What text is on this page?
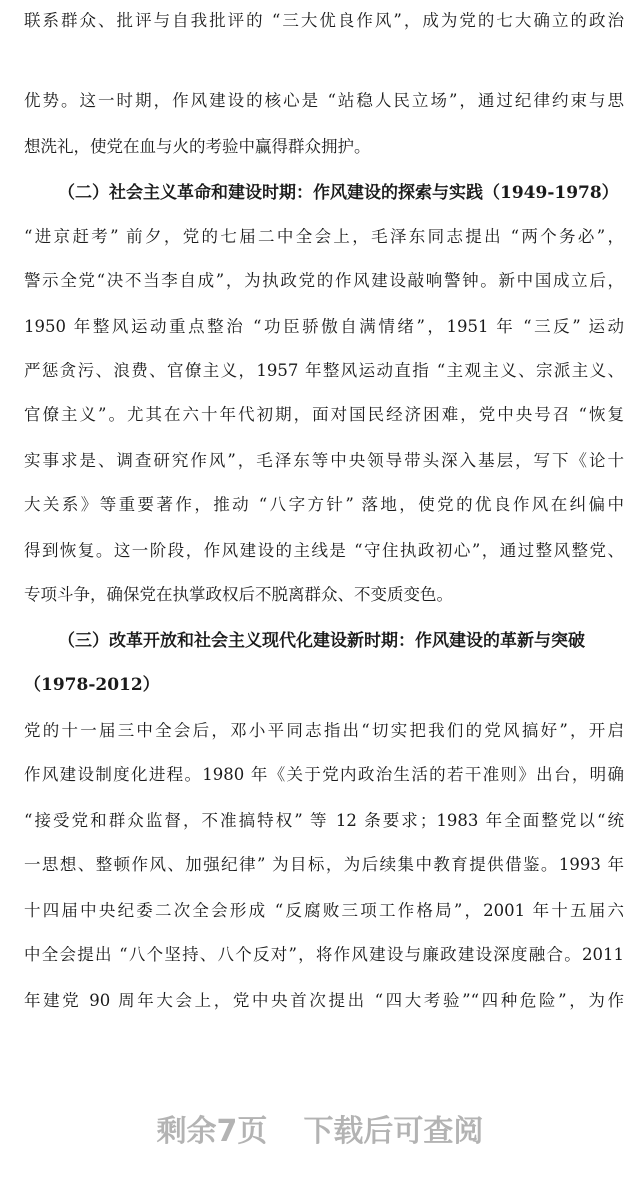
联系群众、批评与自我批评的 “三大优良作风”，成为党的七大确立的政治
优势。这一时期，作风建设的核心是 “站稳人民立场”，通过纪律约束与思
想洗礼，使党在血与火的考验中赢得群众拥护。
（二）社会主义革命和建设时期：作风建设的探索与实践（1949-1978）
“进京赶考” 前夕，党的七届二中全会上，毛泽东同志提出 “两个务必”，
警示全党“决不当李自成”，为执政党的作风建设敲响警钟。新中国成立后，
1950 年整风运动重点整治 “功臣骄傲自满情绪”，1951 年 “三反” 运动
严惩贪污、浪费、官僚主义，1957 年整风运动直指 “主观主义、宗派主义、
官僚主义”。尤其在六十年代初期，面对国民经济困难，党中央号召 “恢复
实事求是、调查研究作风”，毛泽东等中央领导带头深入基层，写下《论十
大关系》等重要著作，推动 “八字方针” 落地，使党的优良作风在纠偏中
得到恢复。这一阶段，作风建设的主线是 “守住执政初心”，通过整风整党、
专项斗争，确保党在执掌政权后不脱离群众、不变质变色。
（三）改革开放和社会主义现代化建设新时期：作风建设的革新与突破
（1978-2012）
党的十一届三中全会后，邓小平同志指出“切实把我们的党风搞好”，开启
作风建设制度化进程。1980 年《关于党内政治生活的若干准则》出台，明确
“接受党和群众监督，不准搞特权” 等 12 条要求；1983 年全面整党以“统
一思想、整顿作风、加强纪律” 为目标，为后续集中教育提供借鉴。1993 年
十四届中央纪委二次全会形成 “反腐败三项工作格局”，2001 年十五届六
中全会提出 “八个坚持、八个反对”，将作风建设与廉政建设深度融合。2011
年建党 90 周年大会上，党中央首次提出 “四大考验”“四种危险”，为作
剩余7页 下载后可查阅
